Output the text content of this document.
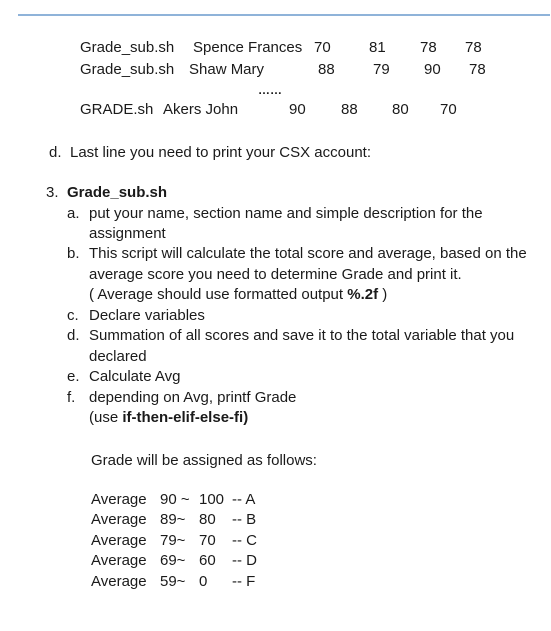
Grade_sub.sh Spence Frances 70	81 78 78
Grade_sub.sh Shaw Mary	88	79 90 78
……
GRADE.sh Akers John	90 88 80 70
d. Last line you need to print your CSX account:
3. Grade_sub.sh
a. put your name, section name and simple description for the
assignment
b. This script will calculate the total score and average, based on the
average score you need to determine Grade and print it.
( Average should use formatted output %.2f )
c. Declare variables
d. Summation of all scores and save it to the total variable that you
declared
e. Calculate Avg
f. depending on Avg, printf Grade
(use if-then-elif-else-fi)
Grade will be assigned as follows:
Average 90 ~ 100 -- A
Average 89~ 80 -- B
Average 79~ 70 -- C
Average 69~ 60 -- D
Average 59~ 0 -- F
